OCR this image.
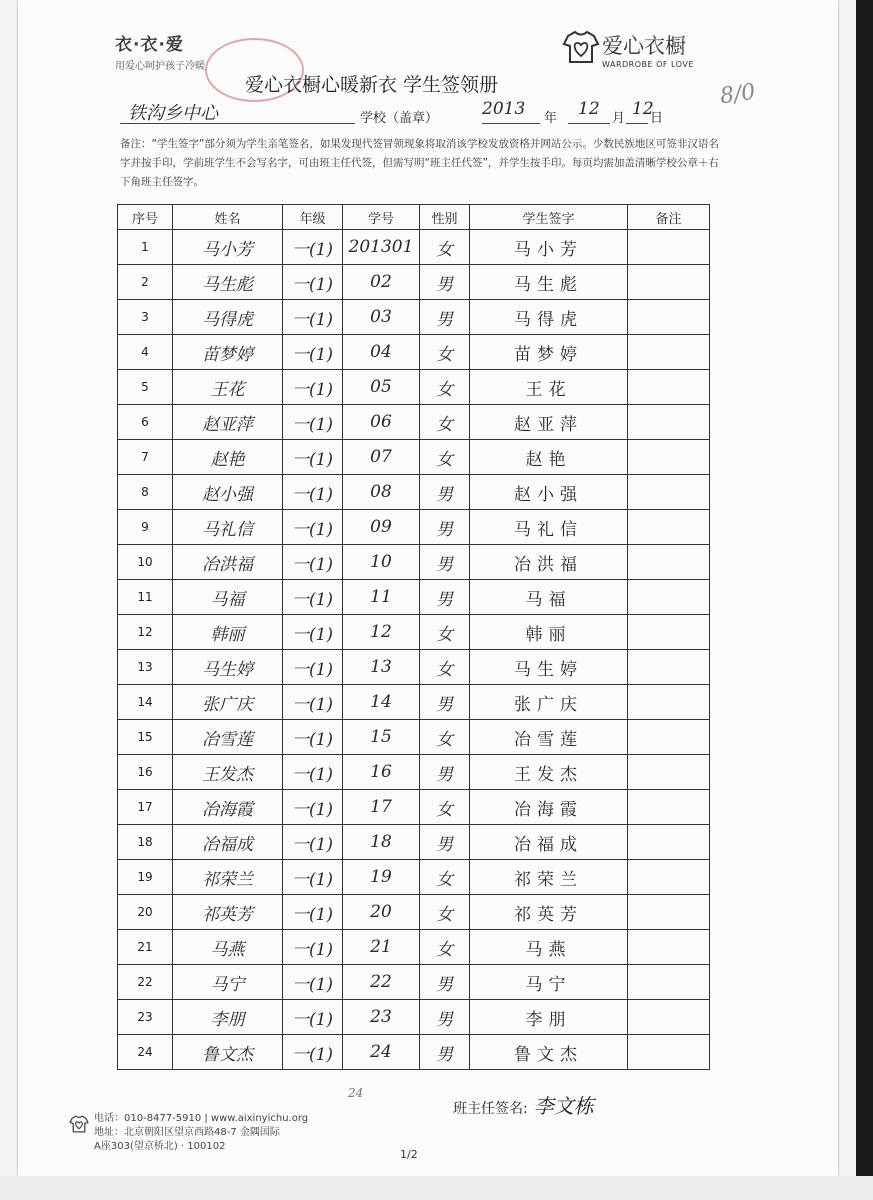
衣·衣·爱
用爱心呵护孩子冷暖
爱心衣橱
WARDROBE OF LOVE
爱心衣橱心暖新衣 学生签领册	8/0
铁沟乡中心	学校（盖章）	2013 年 12 月 12
日
备注：“学生签字”部分须为学生亲笔签名，如果发现代签冒领现象将取消该学校发放资格并网站公示。少数民族地区可签非汉语名字并按手印，学前班学生不会写名字，可由班主任代签，但需写明“班主任代签”，并学生按手印。每页均需加盖清晰学校公章＋右下角班主任签字。
序号	姓名	年级	学号	性别	学生签字	备注
1	马小芳	一(1)	201301	女	马小芳	
2	马生彪	一(1)	02	男	马生彪	
3	马得虎	一(1)	03	男	马得虎	
4	苗梦婷	一(1)	04	女	苗梦婷	
5	王花	一(1)	05	女	王花	
6	赵亚萍	一(1)	06	女	赵亚萍	
7	赵艳	一(1)	07	女	赵艳	
8	赵小强	一(1)	08	男	赵小强	
9	马礼信	一(1)	09	男	马礼信	
10	冶洪福	一(1)	10	男	冶洪福	
11	马福	一(1)	11	男	马福	
12	韩丽	一(1)	12	女	韩丽	
13	马生婷	一(1)	13	女	马生婷	
14	张广庆	一(1)	14	男	张广庆	
15	冶雪莲	一(1)	15	女	冶雪莲	
16	王发杰	一(1)	16	男	王发杰	
17	冶海霞	一(1)	17	女	冶海霞	
18	冶福成	一(1)	18	男	冶福成	
19	祁荣兰	一(1)	19	女	祁荣兰	
20	祁英芳	一(1)	20	女	祁英芳	
21	马燕	一(1)	21	女	马燕	
22	马宁	一(1)	22	男	马宁	
23	李朋	一(1)	23	男	李朋	
24	鲁文杰	一(1)	24	男	鲁文杰	
24
班主任签名: 李文栋
电话：010-8477-5910 | www.aixinyichu.org
地址：北京朝阳区望京西路48-7 金隅国际
A座303(望京桥北) · 100102
1/2
